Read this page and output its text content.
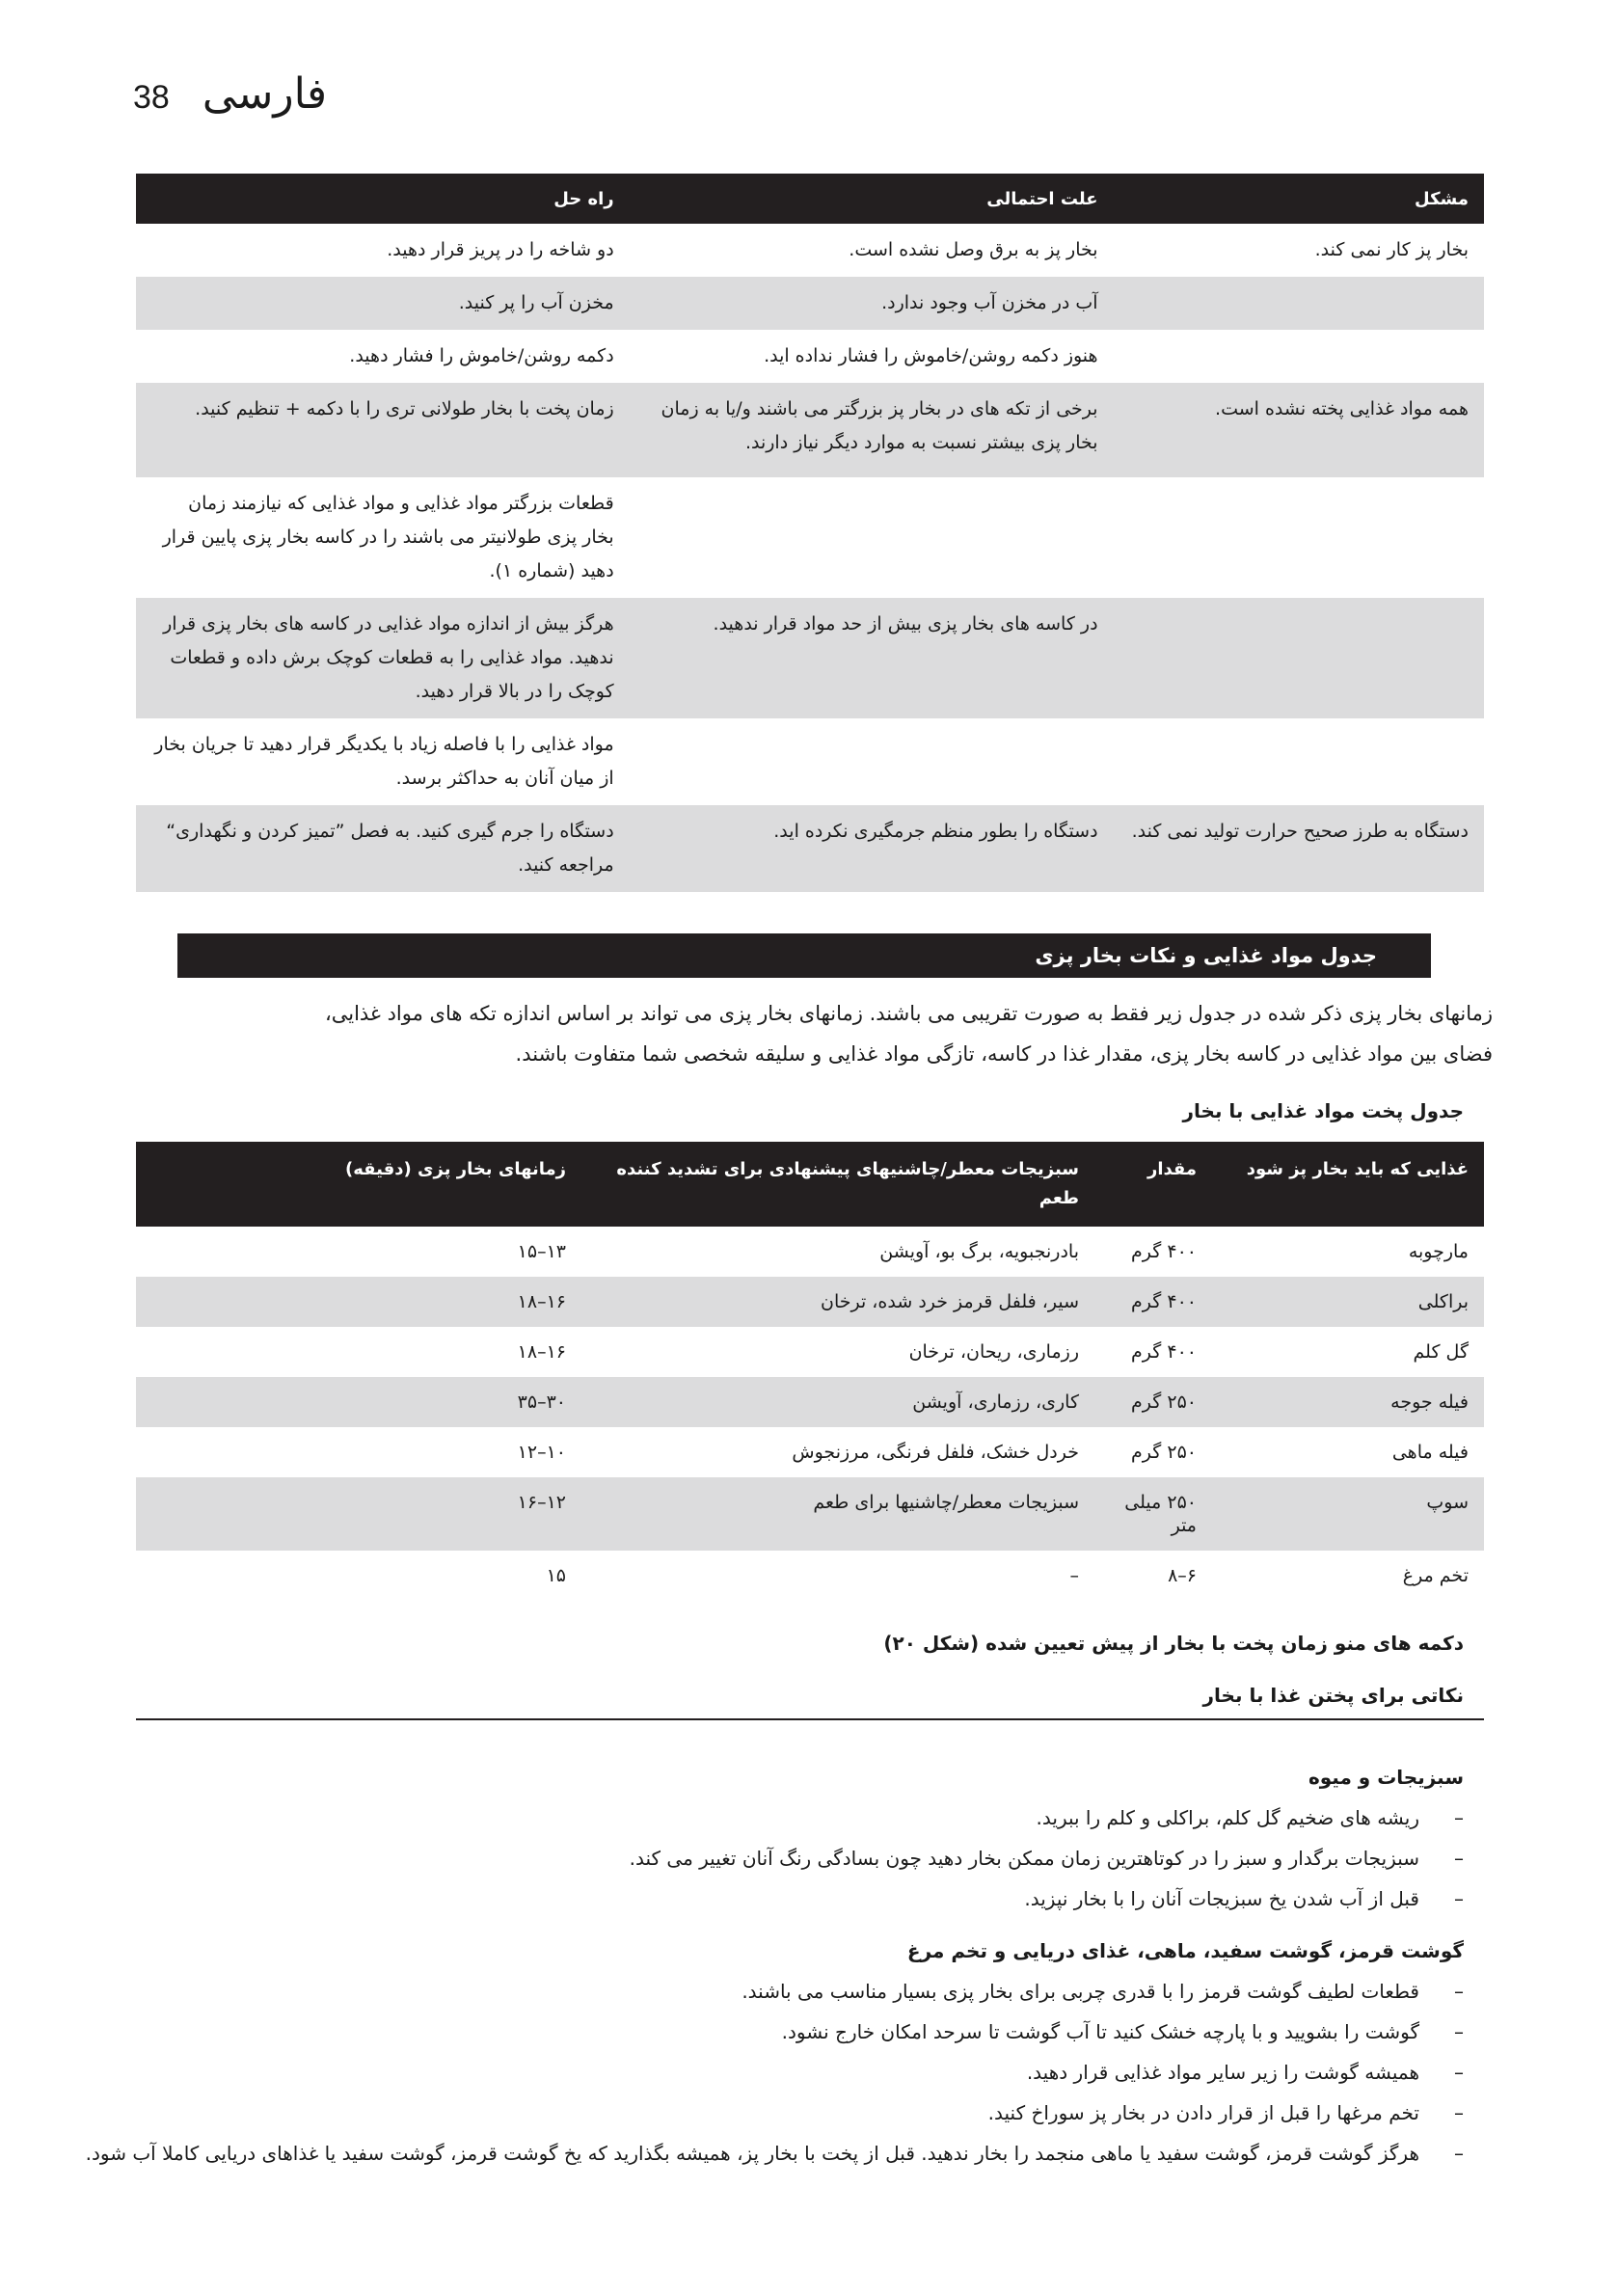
فارسی
38
مشکل	علت احتمالی	راه حل
بخار پز کار نمی کند.	بخار پز به برق وصل نشده است.	دو شاخه را در پریز قرار دهید.
	آب در مخزن آب وجود ندارد.	مخزن آب را پر کنید.
	هنوز دکمه روشن/خاموش را فشار نداده اید.	دکمه روشن/خاموش را فشار دهید.
همه مواد غذایی پخته نشده است.	برخی از تکه های در بخار پز بزرگتر می باشند و/یا به زمان بخار پزی بیشتر نسبت به موارد دیگر نیاز دارند.	زمان پخت با بخار طولانی تری را با دکمه + تنظیم کنید.
		قطعات بزرگتر مواد غذایی و مواد غذایی که نیازمند زمان بخار پزی طولانیتر می باشند را در کاسه بخار پزی پایین قرار دهید (شماره ۱).
	در کاسه های بخار پزی بیش از حد مواد قرار ندهید.	هرگز بیش از اندازه مواد غذایی در کاسه های بخار پزی قرار ندهید. مواد غذایی را به قطعات کوچک برش داده و قطعات کوچک را در بالا قرار دهید.
		مواد غذایی را با فاصله زیاد با یکدیگر قرار دهید تا جریان بخار از میان آنان به حداکثر برسد.
دستگاه به طرز صحیح حرارت تولید نمی کند.	دستگاه را بطور منظم جرمگیری نکرده اید.	دستگاه را جرم گیری کنید. به فصل ”تمیز کردن و نگهداری“ مراجعه کنید.
جدول مواد غذایی و نکات بخار پزی

زمانهای بخار پزی ذکر شده در جدول زیر فقط به صورت تقریبی می باشند. زمانهای بخار پزی می تواند بر اساس اندازه تکه های مواد غذایی، فضای بین مواد غذایی در کاسه بخار پزی، مقدار غذا در کاسه، تازگی مواد غذایی و سلیقه شخصی شما متفاوت باشند.

جدول پخت مواد غذایی با بخار
غذایی که باید بخار پز شود	مقدار	سبزیجات معطر/چاشنیهای پیشنهادی برای تشدید کننده طعم	زمانهای بخار پزی (دقیقه)
مارچوبه	۴۰۰ گرم	بادرنجبویه، برگ بو، آویشن	۱۳–۱۵
براکلی	۴۰۰ گرم	سیر، فلفل قرمز خرد شده، ترخان	۱۶–۱۸
گل کلم	۴۰۰ گرم	رزماری، ریحان، ترخان	۱۶–۱۸
فیله جوجه	۲۵۰ گرم	کاری، رزماری، آویشن	۳۰–۳۵
فیله ماهی	۲۵۰ گرم	خردل خشک، فلفل فرنگی، مرزنجوش	۱۰–۱۲
سوپ	۲۵۰ میلی متر	سبزیجات معطر/چاشنیها برای طعم	۱۲–۱۶
تخم مرغ	۶–۸	–	۱۵
دکمه های منو زمان پخت با بخار از پیش تعیین شده (شکل ۲۰)
نکاتی برای پختن غذا با بخار
سبزیجات و میوه
– ریشه های ضخیم گل کلم، براکلی و کلم را ببرید.
– سبزیجات برگدار و سبز را در کوتاهترین زمان ممکن بخار دهید چون بسادگی رنگ آنان تغییر می کند.
– قبل از آب شدن یخ سبزیجات آنان را با بخار نپزید.
گوشت قرمز، گوشت سفید، ماهی، غذای دریایی و تخم مرغ
– قطعات لطیف گوشت قرمز را با قدری چربی برای بخار پزی بسیار مناسب می باشند.
– گوشت را بشویید و با پارچه خشک کنید تا آب گوشت تا سرحد امکان خارج نشود.
– همیشه گوشت را زیر سایر مواد غذایی قرار دهید.
– تخم مرغها را قبل از قرار دادن در بخار پز سوراخ کنید.
– هرگز گوشت قرمز، گوشت سفید یا ماهی منجمد را بخار ندهید. قبل از پخت با بخار پز، همیشه بگذارید که یخ گوشت قرمز، گوشت سفید یا غذاهای دریایی کاملا آب شود.
